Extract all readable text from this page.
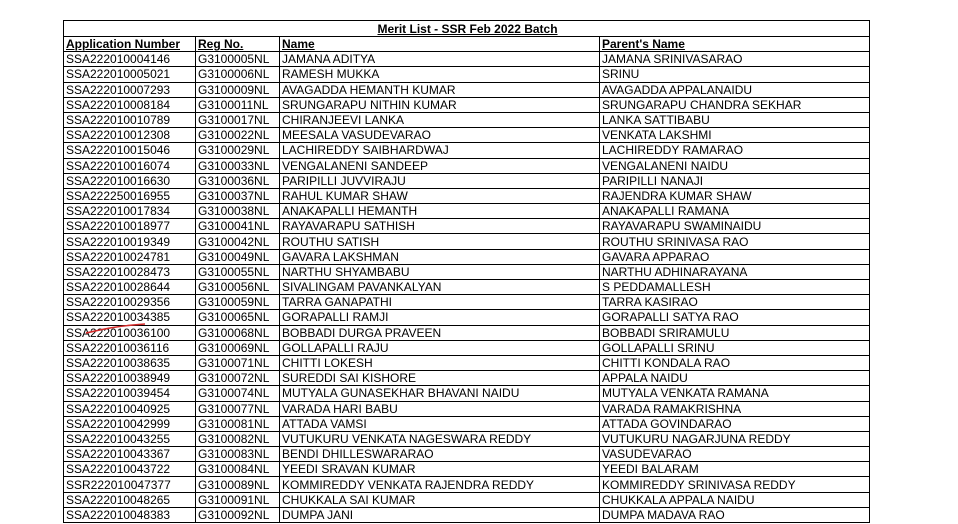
Merit List - SSR Feb 2022 Batch			
Application Number	Reg No.	Name	Parent's Name
SSA222010004146	G3100005NL	JAMANA ADITYA	JAMANA SRINIVASARAO
SSA222010005021	G3100006NL	RAMESH MUKKA	SRINU
SSA222010007293	G3100009NL	AVAGADDA HEMANTH KUMAR	AVAGADDA APPALANAIDU
SSA222010008184	G3100011NL	SRUNGARAPU NITHIN KUMAR	SRUNGARAPU CHANDRA SEKHAR
SSA222010010789	G3100017NL	CHIRANJEEVI LANKA	LANKA SATTIBABU
SSA222010012308	G3100022NL	MEESALA VASUDEVARAO	VENKATA LAKSHMI
SSA222010015046	G3100029NL	LACHIREDDY SAIBHARDWAJ	LACHIREDDY RAMARAO
SSA222010016074	G3100033NL	VENGALANENI SANDEEP	VENGALANENI NAIDU
SSA222010016630	G3100036NL	PARIPILLI JUVVIRAJU	PARIPILLI NANAJI
SSA222250016955	G3100037NL	RAHUL KUMAR SHAW	RAJENDRA KUMAR SHAW
SSA222010017834	G3100038NL	ANAKAPALLI HEMANTH	ANAKAPALLI RAMANA
SSA222010018977	G3100041NL	RAYAVARAPU SATHISH	RAYAVARAPU SWAMINAIDU
SSA222010019349	G3100042NL	ROUTHU SATISH	ROUTHU SRINIVASA RAO
SSA222010024781	G3100049NL	GAVARA LAKSHMAN	GAVARA APPARAO
SSA222010028473	G3100055NL	NARTHU SHYAMBABU	NARTHU ADHINARAYANA
SSA222010028644	G3100056NL	SIVALINGAM PAVANKALYAN	S PEDDAMALLESH
SSA222010029356	G3100059NL	TARRA GANAPATHI	TARRA KASIRAO
SSA222010034385	G3100065NL	GORAPALLI RAMJI	GORAPALLI SATYA RAO
SSA222010036100	G3100068NL	BOBBADI DURGA PRAVEEN	BOBBADI SRIRAMULU
SSA222010036116	G3100069NL	GOLLAPALLI RAJU	GOLLAPALLI SRINU
SSA222010038635	G3100071NL	CHITTI LOKESH	CHITTI KONDALA RAO
SSA222010038949	G3100072NL	SUREDDI SAI KISHORE	APPALA NAIDU
SSA222010039454	G3100074NL	MUTYALA GUNASEKHAR BHAVANI NAIDU	MUTYALA VENKATA RAMANA
SSA222010040925	G3100077NL	VARADA HARI BABU	VARADA RAMAKRISHNA
SSA222010042999	G3100081NL	ATTADA VAMSI	ATTADA GOVINDARAO
SSA222010043255	G3100082NL	VUTUKURU VENKATA NAGESWARA REDDY	VUTUKURU NAGARJUNA REDDY
SSA222010043367	G3100083NL	BENDI DHILLESWARARAO	VASUDEVARAO
SSA222010043722	G3100084NL	YEEDI SRAVAN KUMAR	YEEDI BALARAM
SSR222010047377	G3100089NL	KOMMIREDDY VENKATA RAJENDRA REDDY	KOMMIREDDY SRINIVASA REDDY
SSA222010048265	G3100091NL	CHUKKALA SAI KUMAR	CHUKKALA APPALA NAIDU
SSA222010048383	G3100092NL	DUMPA JANI	DUMPA MADAVA RAO
